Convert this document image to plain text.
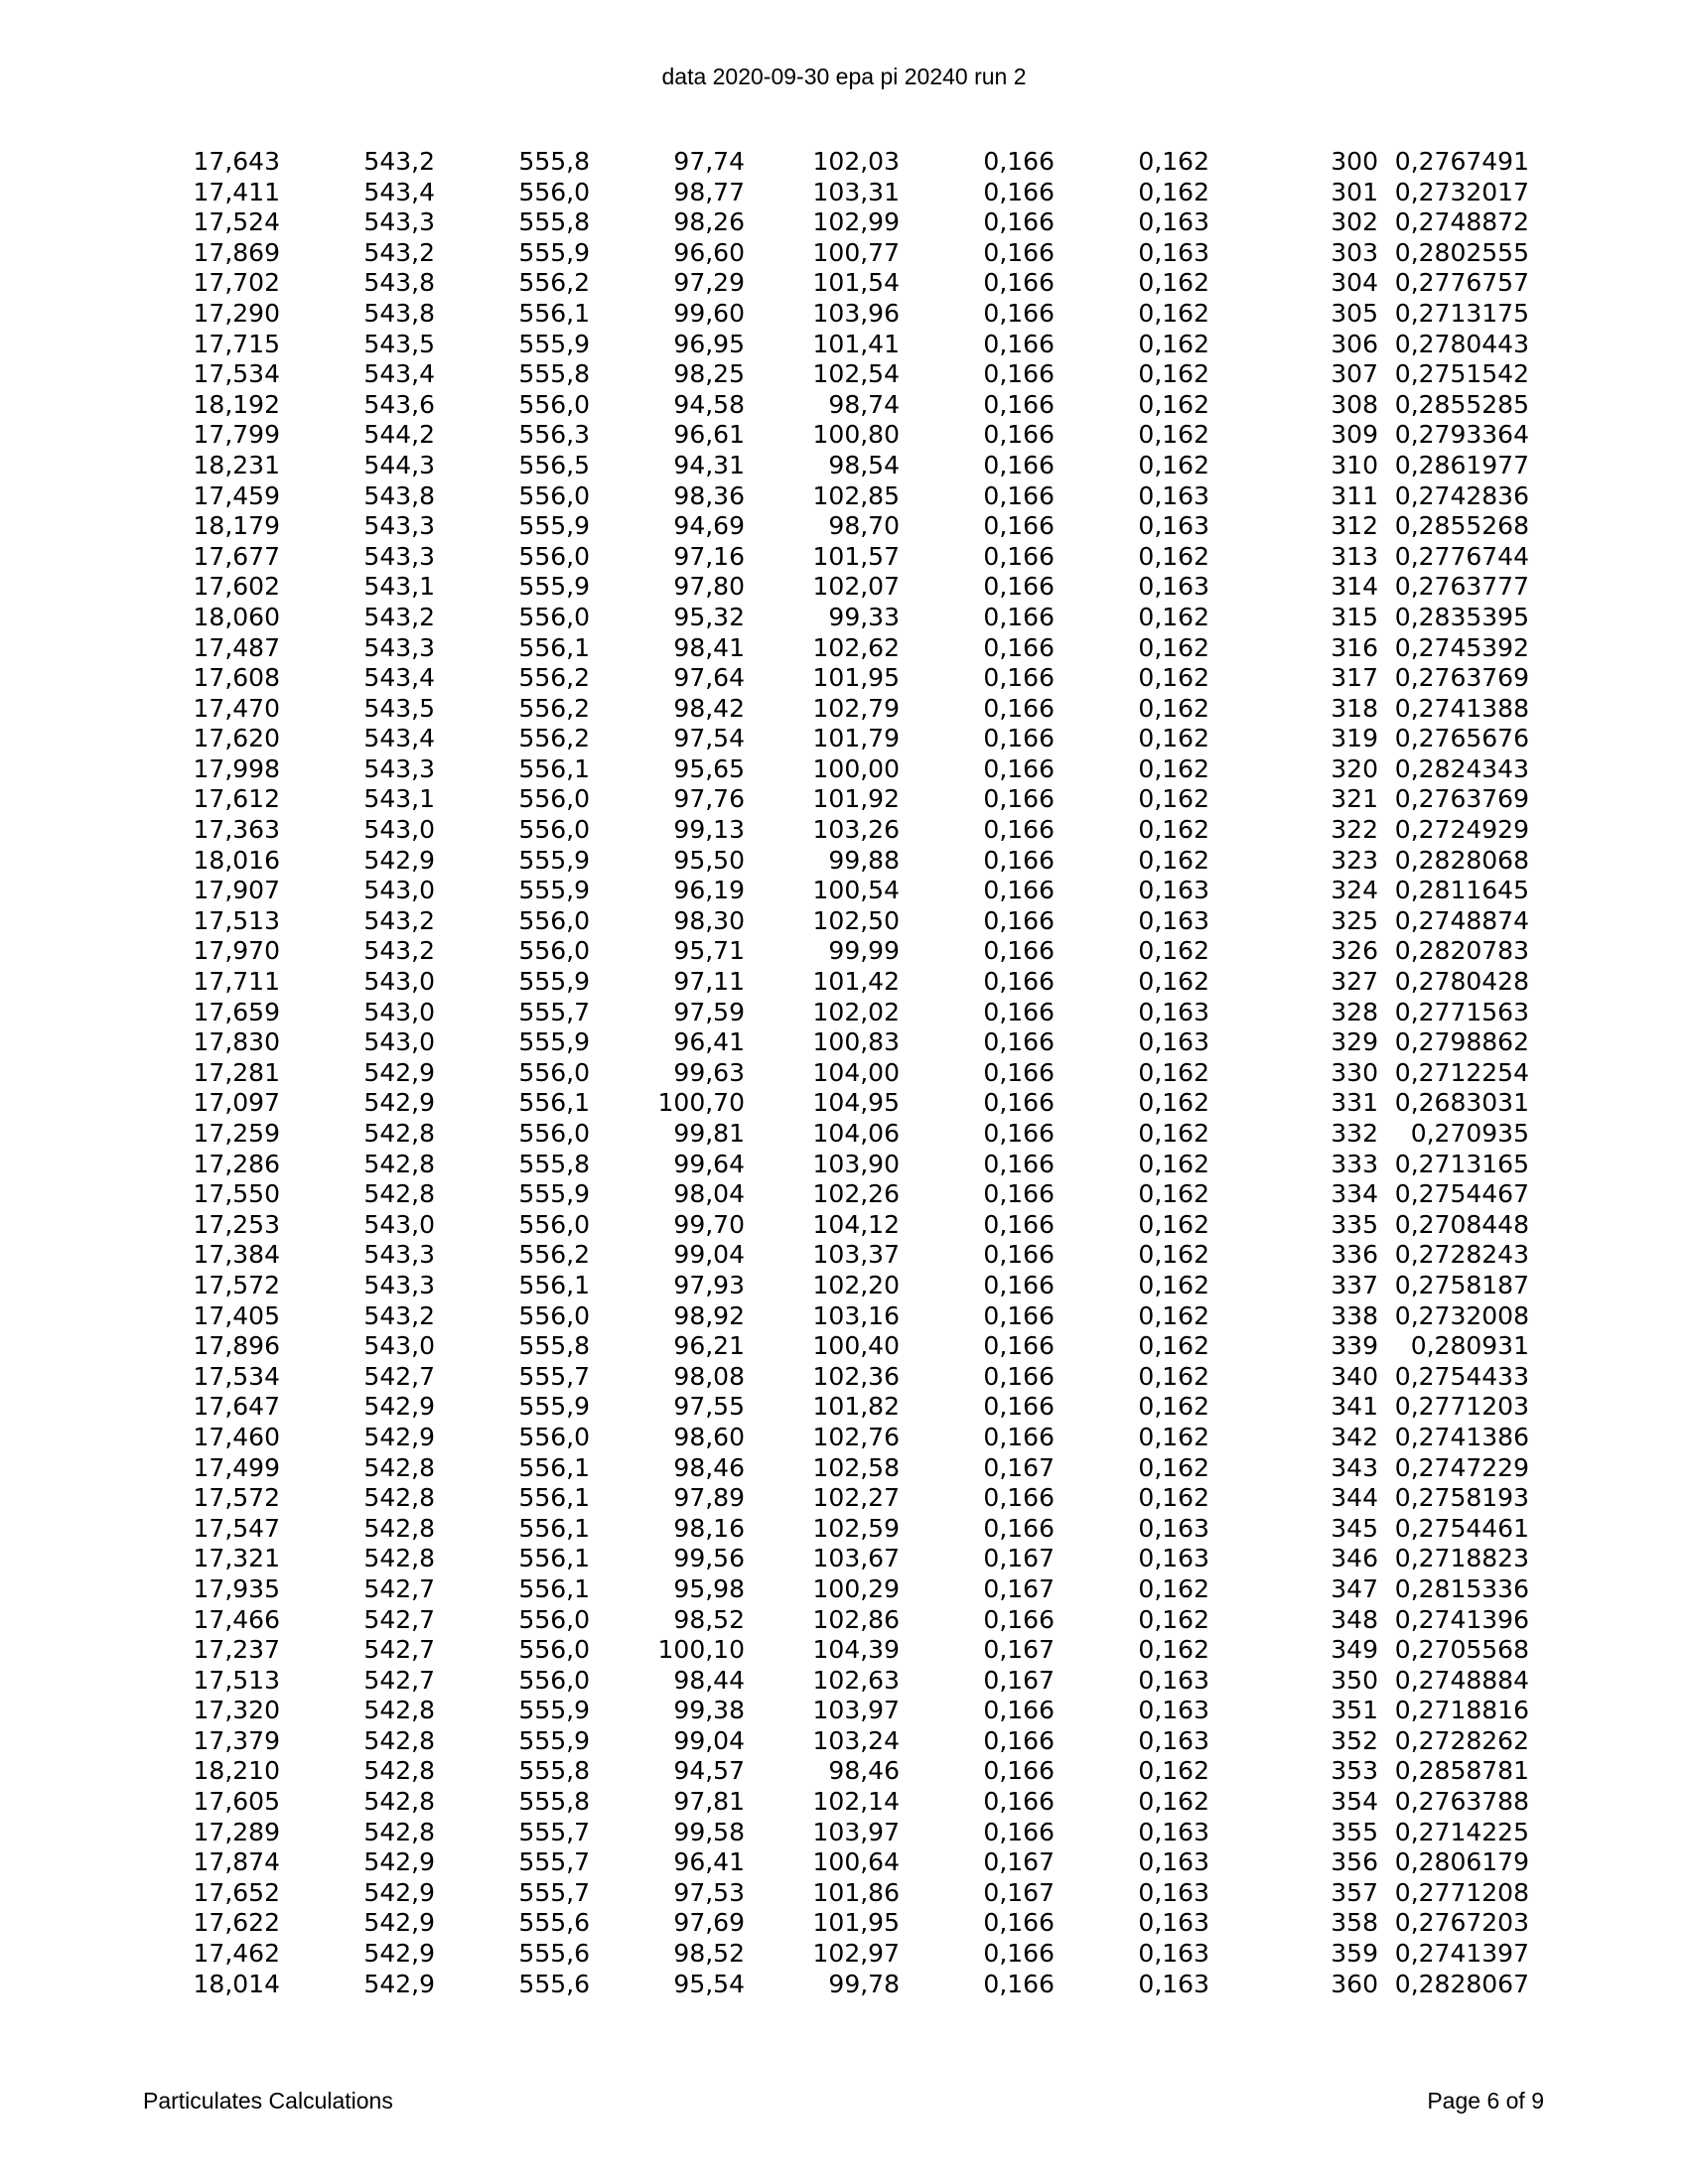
data 2020-09-30 epa pi 20240 run 2
17,643	543,2	555,8	97,74	102,03	0,166	0,162	300 0,2767491
17,411	543,4	556,0	98,77	103,31	0,166	0,162	301 0,2732017
17,524	543,3	555,8	98,26	102,99	0,166	0,163	302 0,2748872
17,869	543,2	555,9	96,60	100,77	0,166	0,163	303 0,2802555
17,702	543,8	556,2	97,29	101,54	0,166	0,162	304 0,2776757
17,290	543,8	556,1	99,60	103,96	0,166	0,162	305 0,2713175
17,715	543,5	555,9	96,95	101,41	0,166	0,162	306 0,2780443
17,534	543,4	555,8	98,25	102,54	0,166	0,162	307 0,2751542
18,192	543,6	556,0	94,58	98,74	0,166	0,162	308 0,2855285
17,799	544,2	556,3	96,61	100,80	0,166	0,162	309 0,2793364
18,231	544,3	556,5	94,31	98,54	0,166	0,162	310 0,2861977
17,459	543,8	556,0	98,36	102,85	0,166	0,163	311 0,2742836
18,179	543,3	555,9	94,69	98,70	0,166	0,163	312 0,2855268
17,677	543,3	556,0	97,16	101,57	0,166	0,162	313 0,2776744
17,602	543,1	555,9	97,80	102,07	0,166	0,163	314 0,2763777
18,060	543,2	556,0	95,32	99,33	0,166	0,162	315 0,2835395
17,487	543,3	556,1	98,41	102,62	0,166	0,162	316 0,2745392
17,608	543,4	556,2	97,64	101,95	0,166	0,162	317 0,2763769
17,470	543,5	556,2	98,42	102,79	0,166	0,162	318 0,2741388
17,620	543,4	556,2	97,54	101,79	0,166	0,162	319 0,2765676
17,998	543,3	556,1	95,65	100,00	0,166	0,162	320 0,2824343
17,612	543,1	556,0	97,76	101,92	0,166	0,162	321 0,2763769
17,363	543,0	556,0	99,13	103,26	0,166	0,162	322 0,2724929
18,016	542,9	555,9	95,50	99,88	0,166	0,162	323 0,2828068
17,907	543,0	555,9	96,19	100,54	0,166	0,163	324 0,2811645
17,513	543,2	556,0	98,30	102,50	0,166	0,163	325 0,2748874
17,970	543,2	556,0	95,71	99,99	0,166	0,162	326 0,2820783
17,711	543,0	555,9	97,11	101,42	0,166	0,162	327 0,2780428
17,659	543,0	555,7	97,59	102,02	0,166	0,163	328 0,2771563
17,830	543,0	555,9	96,41	100,83	0,166	0,163	329 0,2798862
17,281	542,9	556,0	99,63	104,00	0,166	0,162	330 0,2712254
17,097	542,9	556,1	100,70	104,95	0,166	0,162	331 0,2683031
17,259	542,8	556,0	99,81	104,06	0,166	0,162	332 0,270935
17,286	542,8	555,8	99,64	103,90	0,166	0,162	333 0,2713165
17,550	542,8	555,9	98,04	102,26	0,166	0,162	334 0,2754467
17,253	543,0	556,0	99,70	104,12	0,166	0,162	335 0,2708448
17,384	543,3	556,2	99,04	103,37	0,166	0,162	336 0,2728243
17,572	543,3	556,1	97,93	102,20	0,166	0,162	337 0,2758187
17,405	543,2	556,0	98,92	103,16	0,166	0,162	338 0,2732008
17,896	543,0	555,8	96,21	100,40	0,166	0,162	339 0,280931
17,534	542,7	555,7	98,08	102,36	0,166	0,162	340 0,2754433
17,647	542,9	555,9	97,55	101,82	0,166	0,162	341 0,2771203
17,460	542,9	556,0	98,60	102,76	0,166	0,162	342 0,2741386
17,499	542,8	556,1	98,46	102,58	0,167	0,162	343 0,2747229
17,572	542,8	556,1	97,89	102,27	0,166	0,162	344 0,2758193
17,547	542,8	556,1	98,16	102,59	0,166	0,163	345 0,2754461
17,321	542,8	556,1	99,56	103,67	0,167	0,163	346 0,2718823
17,935	542,7	556,1	95,98	100,29	0,167	0,162	347 0,2815336
17,466	542,7	556,0	98,52	102,86	0,166	0,162	348 0,2741396
17,237	542,7	556,0	100,10	104,39	0,167	0,162	349 0,2705568
17,513	542,7	556,0	98,44	102,63	0,167	0,163	350 0,2748884
17,320	542,8	555,9	99,38	103,97	0,166	0,163	351 0,2718816
17,379	542,8	555,9	99,04	103,24	0,166	0,163	352 0,2728262
18,210	542,8	555,8	94,57	98,46	0,166	0,162	353 0,2858781
17,605	542,8	555,8	97,81	102,14	0,166	0,162	354 0,2763788
17,289	542,8	555,7	99,58	103,97	0,166	0,163	355 0,2714225
17,874	542,9	555,7	96,41	100,64	0,167	0,163	356 0,2806179
17,652	542,9	555,7	97,53	101,86	0,167	0,163	357 0,2771208
17,622	542,9	555,6	97,69	101,95	0,166	0,163	358 0,2767203
17,462	542,9	555,6	98,52	102,97	0,166	0,163	359 0,2741397
18,014	542,9	555,6	95,54	99,78	0,166	0,163	360 0,2828067
Particulates Calculations	Page 6 of 9
